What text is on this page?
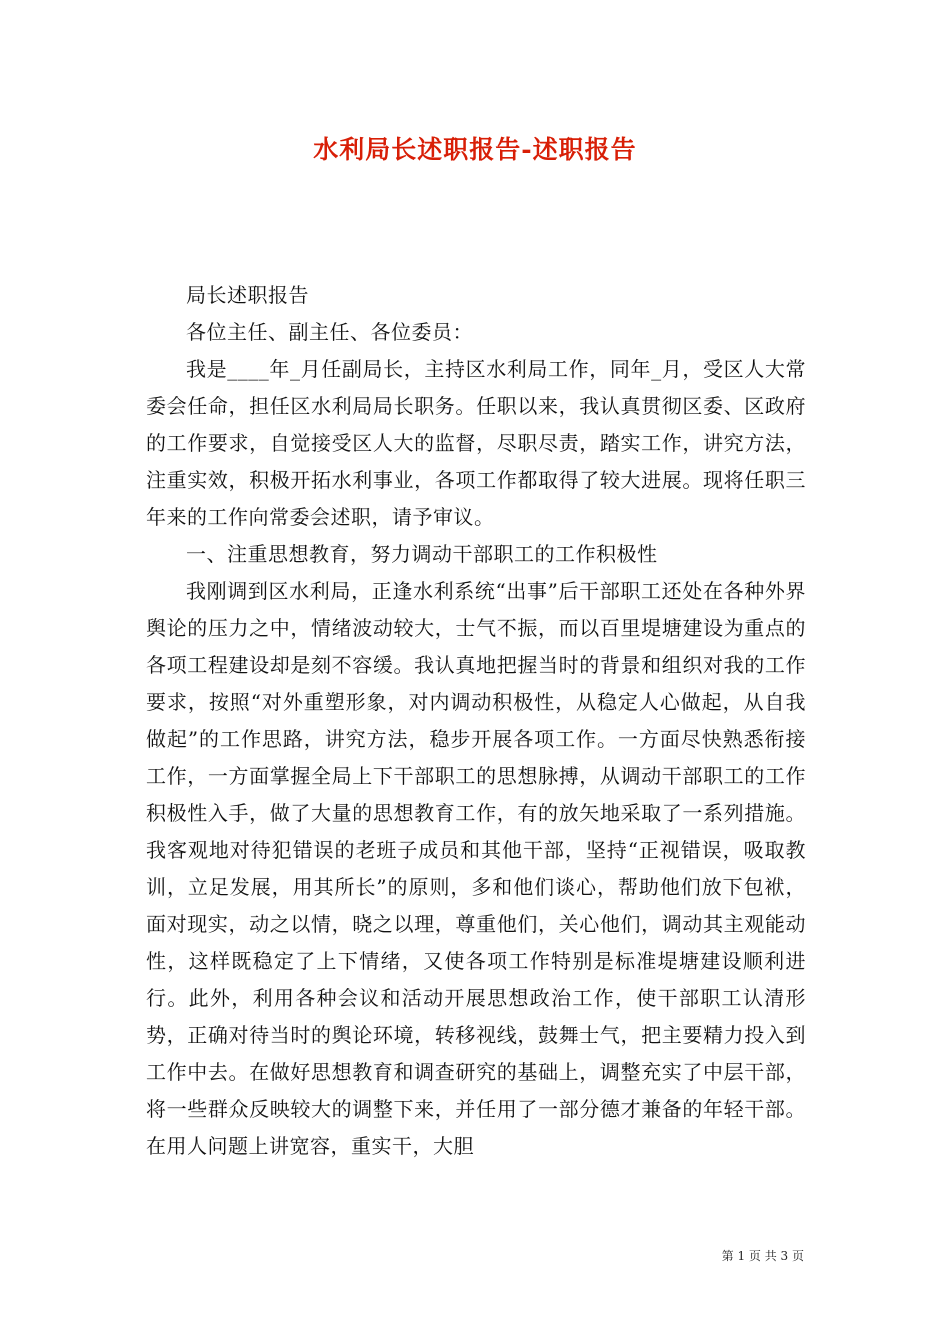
水利局长述职报告-述职报告

局长述职报告

各位主任、副主任、各位委员：

我是____年_月任副局长，主持区水利局工作，同年_月，受区人大常委会任命，担任区水利局局长职务。任职以来，我认真贯彻区委、区政府的工作要求，自觉接受区人大的监督，尽职尽责，踏实工作，讲究方法，注重实效，积极开拓水利事业，各项工作都取得了较大进展。现将任职三年来的工作向常委会述职，请予审议。

一、注重思想教育，努力调动干部职工的工作积极性

我刚调到区水利局，正逢水利系统“出事”后干部职工还处在各种外界舆论的压力之中，情绪波动较大，士气不振，而以百里堤塘建设为重点的各项工程建设却是刻不容缓。我认真地把握当时的背景和组织对我的工作要求，按照“对外重塑形象，对内调动积极性，从稳定人心做起，从自我做起”的工作思路，讲究方法，稳步开展各项工作。一方面尽快熟悉衔接工作，一方面掌握全局上下干部职工的思想脉搏，从调动干部职工的工作积极性入手，做了大量的思想教育工作，有的放矢地采取了一系列措施。我客观地对待犯错误的老班子成员和其他干部，坚持“正视错误，吸取教训，立足发展，用其所长”的原则，多和他们谈心，帮助他们放下包袱，面对现实，动之以情，晓之以理，尊重他们，关心他们，调动其主观能动性，这样既稳定了上下情绪，又使各项工作特别是标准堤塘建设顺利进行。此外，利用各种会议和活动开展思想政治工作，使干部职工认清形势，正确对待当时的舆论环境，转移视线，鼓舞士气，把主要精力投入到工作中去。在做好思想教育和调查研究的基础上，调整充实了中层干部，将一些群众反映较大的调整下来，并任用了一部分德才兼备的年轻干部。在用人问题上讲宽容，重实干，大胆

第 1 页 共 3 页
